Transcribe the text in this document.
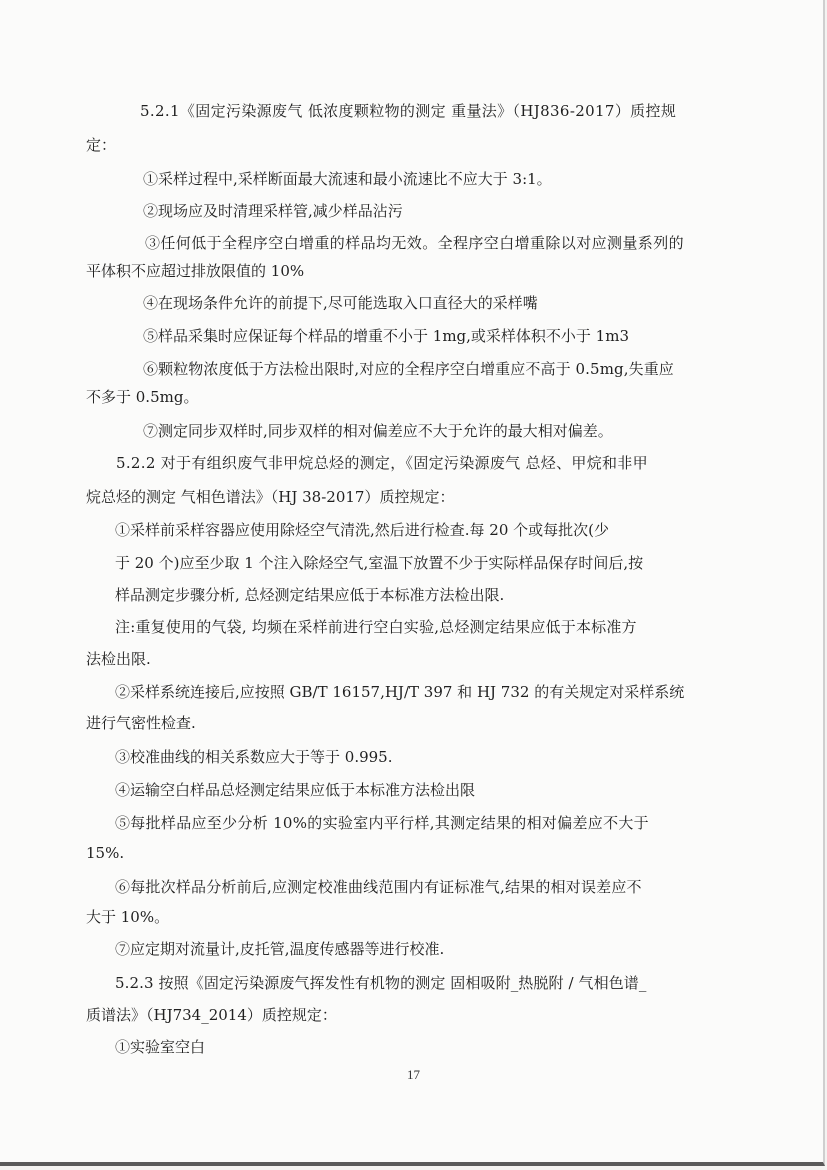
5.2.1《固定污染源废气 低浓度颗粒物的测定 重量法》（HJ836-2017）质控规
定：
①采样过程中,采样断面最大流速和最小流速比不应大于 3:1。
②现场应及时清理采样管,减少样品沾污
③任何低于全程序空白增重的样品均无效。全程序空白增重除以对应测量系列的
平体积不应超过排放限值的 10%
④在现场条件允许的前提下,尽可能选取入口直径大的采样嘴
⑤样品采集时应保证每个样品的增重不小于 1mg,或采样体积不小于 1m3
⑥颗粒物浓度低于方法检出限时,对应的全程序空白增重应不高于 0.5mg,失重应
不多于 0.5mg。
⑦测定同步双样时,同步双样的相对偏差应不大于允许的最大相对偏差。
5.2.2 对于有组织废气非甲烷总烃的测定，《固定污染源废气 总烃、甲烷和非甲
烷总烃的测定 气相色谱法》（HJ 38-2017）质控规定：
①采样前采样容器应使用除烃空气清洗,然后进行检查.每 20 个或每批次(少
于 20 个)应至少取 1 个注入除烃空气,室温下放置不少于实际样品保存时间后,按
样品测定步骤分析, 总烃测定结果应低于本标准方法检出限.
注:重复使用的气袋, 均频在采样前进行空白实验,总烃测定结果应低于本标准方
法检出限.
②采样系统连接后,应按照 GB/T 16157,HJ/T 397 和 HJ 732 的有关规定对采样系统
进行气密性检查.
③校准曲线的相关系数应大于等于 0.995.
④运输空白样品总烃测定结果应低于本标准方法检出限
⑤每批样品应至少分析 10%的实验室内平行样,其测定结果的相对偏差应不大于
15%.
⑥每批次样品分析前后,应测定校准曲线范围内有证标准气,结果的相对误差应不
大于 10%。
⑦应定期对流量计,皮托管,温度传感器等进行校准.
5.2.3 按照《固定污染源废气挥发性有机物的测定 固相吸附_热脱附 / 气相色谱_
质谱法》（HJ734_2014）质控规定：
①实验室空白
17
